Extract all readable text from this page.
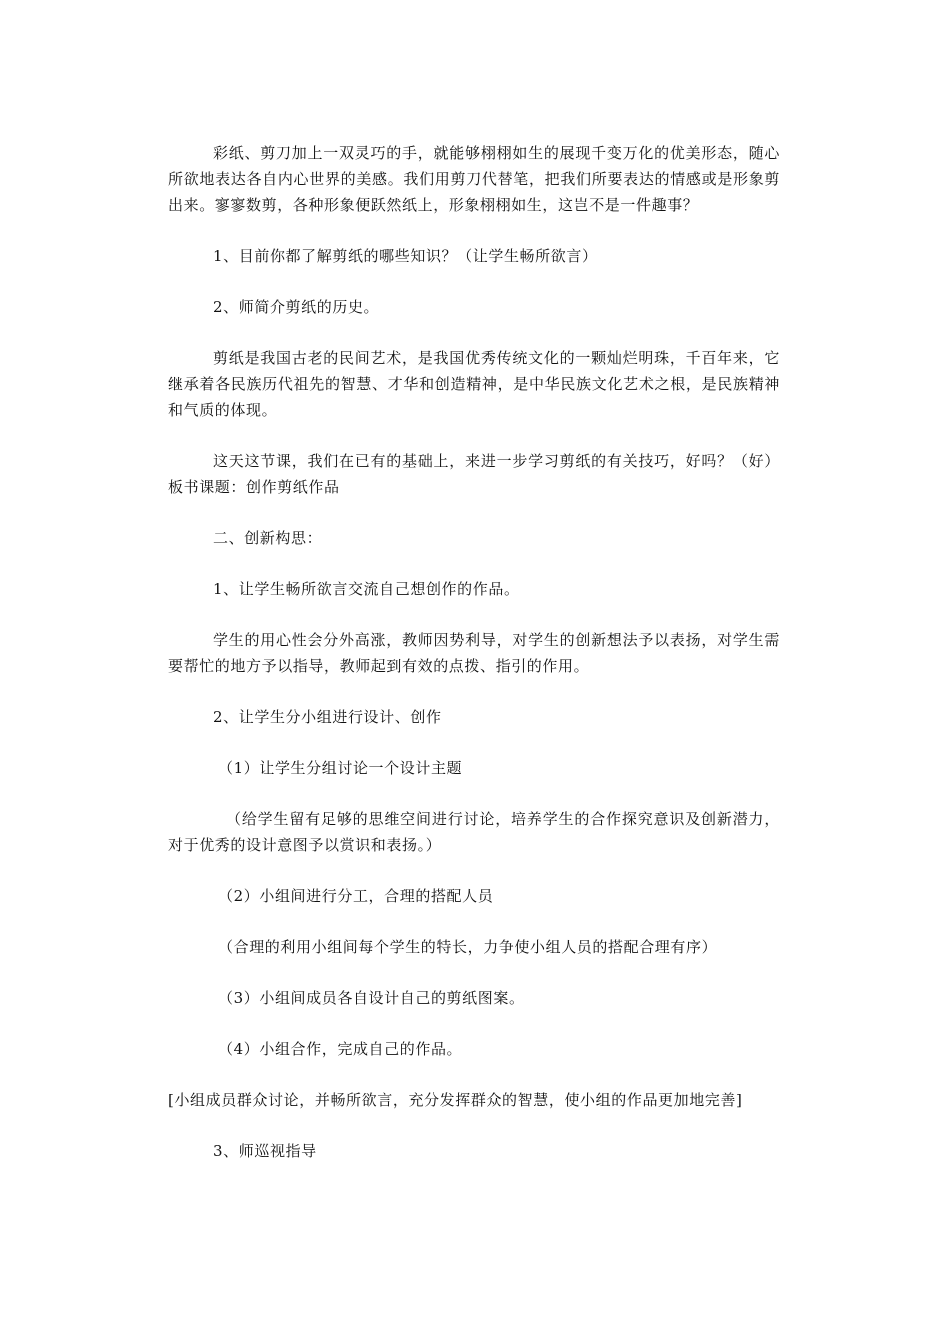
彩纸、剪刀加上一双灵巧的手，就能够栩栩如生的展现千变万化的优美形态，随心所欲地表达各自内心世界的美感。我们用剪刀代替笔，把我们所要表达的情感或是形象剪出来。寥寥数剪，各种形象便跃然纸上，形象栩栩如生，这岂不是一件趣事？

1、目前你都了解剪纸的哪些知识？（让学生畅所欲言）

2、师简介剪纸的历史。

剪纸是我国古老的民间艺术，是我国优秀传统文化的一颗灿烂明珠，千百年来，它继承着各民族历代祖先的智慧、才华和创造精神，是中华民族文化艺术之根，是民族精神和气质的体现。

这天这节课，我们在已有的基础上，来进一步学习剪纸的有关技巧，好吗？（好）板书课题：创作剪纸作品

二、创新构思：

1、让学生畅所欲言交流自己想创作的作品。

学生的用心性会分外高涨，教师因势利导，对学生的创新想法予以表扬，对学生需要帮忙的地方予以指导，教师起到有效的点拨、指引的作用。

2、让学生分小组进行设计、创作

（1）让学生分组讨论一个设计主题

（给学生留有足够的思维空间进行讨论，培养学生的合作探究意识及创新潜力，对于优秀的设计意图予以赏识和表扬。）

（2）小组间进行分工，合理的搭配人员

（合理的利用小组间每个学生的特长，力争使小组人员的搭配合理有序）

（3）小组间成员各自设计自己的剪纸图案。

（4）小组合作，完成自己的作品。

[小组成员群众讨论，并畅所欲言，充分发挥群众的智慧，使小组的作品更加地完善]

3、师巡视指导
